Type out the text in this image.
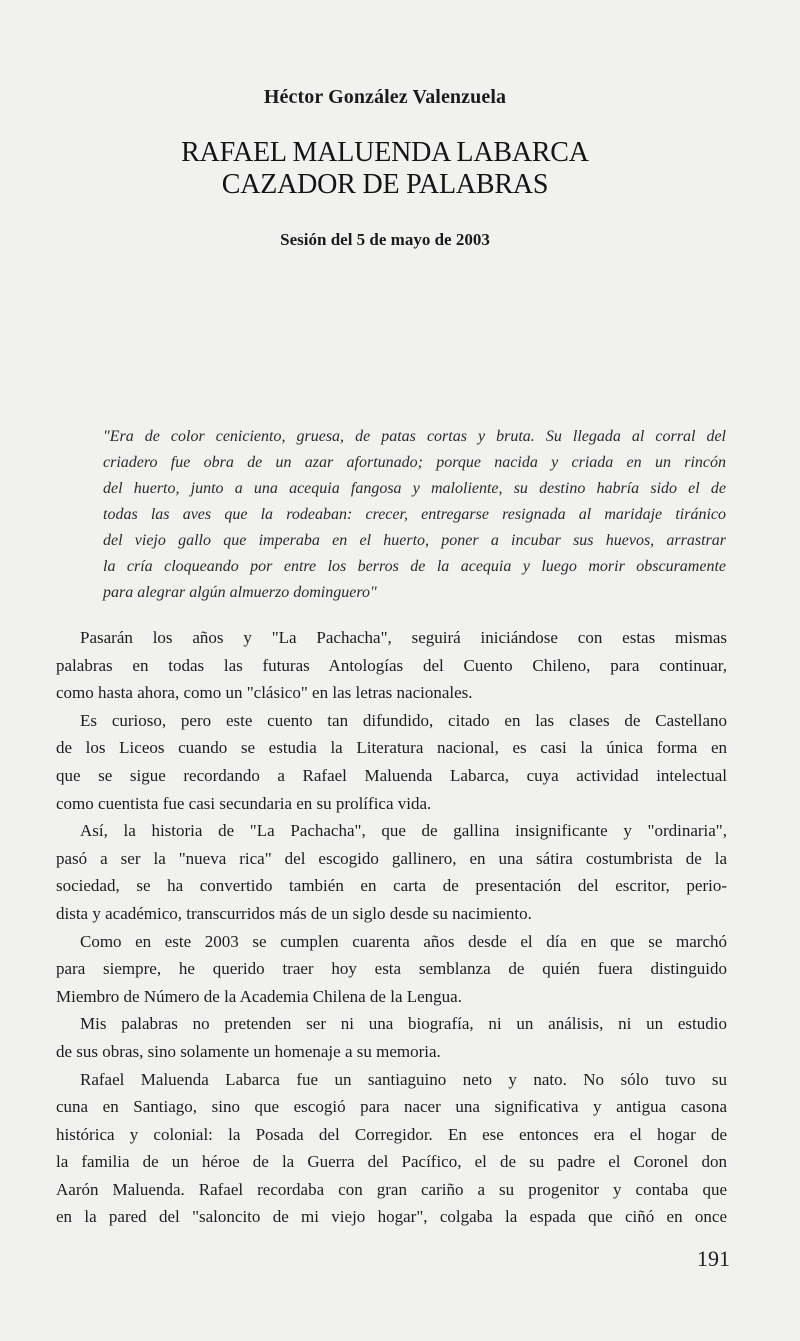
Héctor González Valenzuela
RAFAEL MALUENDA LABARCA
CAZADOR DE PALABRAS
Sesión del 5 de mayo de 2003
"Era de color ceniciento, gruesa, de patas cortas y bruta. Su llegada al corral del
criadero fue obra de un azar afortunado; porque nacida y criada en un rincón
del huerto, junto a una acequia fangosa y maloliente, su destino habría sido el de
todas las aves que la rodeaban: crecer, entregarse resignada al maridaje tiránico
del viejo gallo que imperaba en el huerto, poner a incubar sus huevos, arrastrar
la cría cloqueando por entre los berros de la acequia y luego morir obscuramente
para alegrar algún almuerzo dominguero"

Pasarán los años y "La Pachacha", seguirá iniciándose con estas mismas
palabras en todas las futuras Antologías del Cuento Chileno, para continuar,
como hasta ahora, como un "clásico" en las letras nacionales.

Es curioso, pero este cuento tan difundido, citado en las clases de Castellano
de los Liceos cuando se estudia la Literatura nacional, es casi la única forma en
que se sigue recordando a Rafael Maluenda Labarca, cuya actividad intelectual
como cuentista fue casi secundaria en su prolífica vida.

Así, la historia de "La Pachacha", que de gallina insignificante y "ordinaria",
pasó a ser la "nueva rica" del escogido gallinero, en una sátira costumbrista de la
sociedad, se ha convertido también en carta de presentación del escritor, perio-
dista y académico, transcurridos más de un siglo desde su nacimiento.

Como en este 2003 se cumplen cuarenta años desde el día en que se marchó
para siempre, he querido traer hoy esta semblanza de quién fuera distinguido
Miembro de Número de la Academia Chilena de la Lengua.

Mis palabras no pretenden ser ni una biografía, ni un análisis, ni un estudio
de sus obras, sino solamente un homenaje a su memoria.

Rafael Maluenda Labarca fue un santiaguino neto y nato. No sólo tuvo su
cuna en Santiago, sino que escogió para nacer una significativa y antigua casona
histórica y colonial: la Posada del Corregidor. En ese entonces era el hogar de
la familia de un héroe de la Guerra del Pacífico, el de su padre el Coronel don
Aarón Maluenda. Rafael recordaba con gran cariño a su progenitor y contaba que
en la pared del "saloncito de mi viejo hogar", colgaba la espada que ciñó en once

191
